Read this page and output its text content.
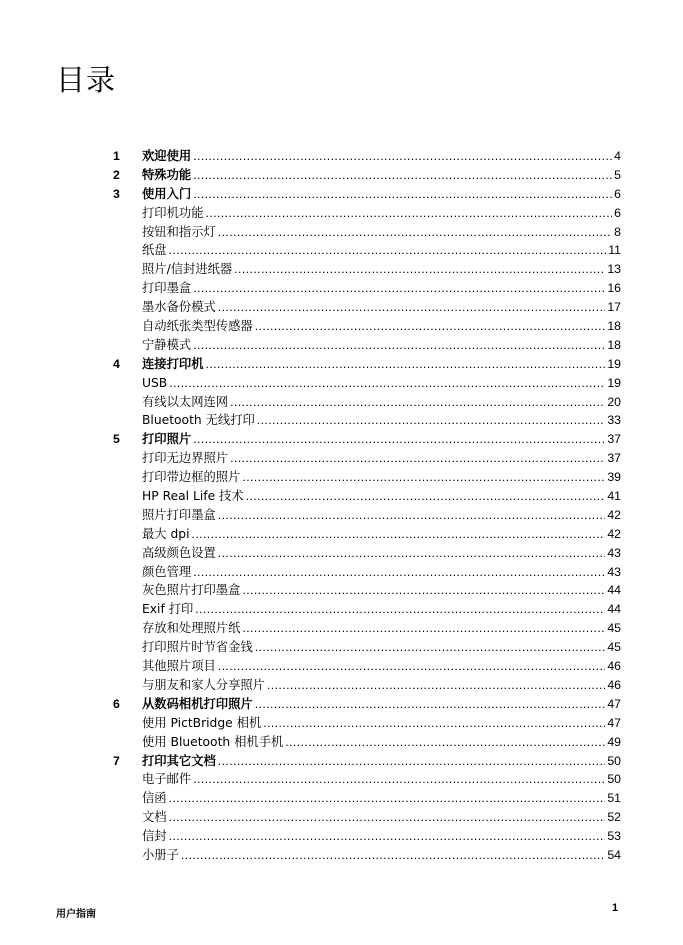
目录
1	欢迎使用 .....	4
2	特殊功能 .....	5
3	使用入门 .....	6
打印机功能 .....	6
按钮和指示灯 .....	8
纸盘 .....	11
照片/信封进纸器 .....	13
打印墨盒 .....	16
墨水备份模式 .....	17
自动纸张类型传感器 .....	18
宁静模式 .....	18
4	连接打印机 .....	19
USB .....	19
有线以太网连网 .....	20
Bluetooth 无线打印 .....	33
5	打印照片 .....	37
打印无边界照片 .....	37
打印带边框的照片 .....	39
HP Real Life 技术 .....	41
照片打印墨盒 .....	42
最大 dpi .....	42
高级颜色设置 .....	43
颜色管理 .....	43
灰色照片打印墨盒 .....	44
Exif 打印 .....	44
存放和处理照片纸 .....	45
打印照片时节省金钱 .....	45
其他照片项目 .....	46
与朋友和家人分享照片 .....	46
6	从数码相机打印照片 .....	47
使用 PictBridge 相机 .....	47
使用 Bluetooth 相机手机 .....	49
7	打印其它文档 .....	50
电子邮件 .....	50
信函 .....	51
文档 .....	52
信封 .....	53
小册子 .....	54
用户指南
1
